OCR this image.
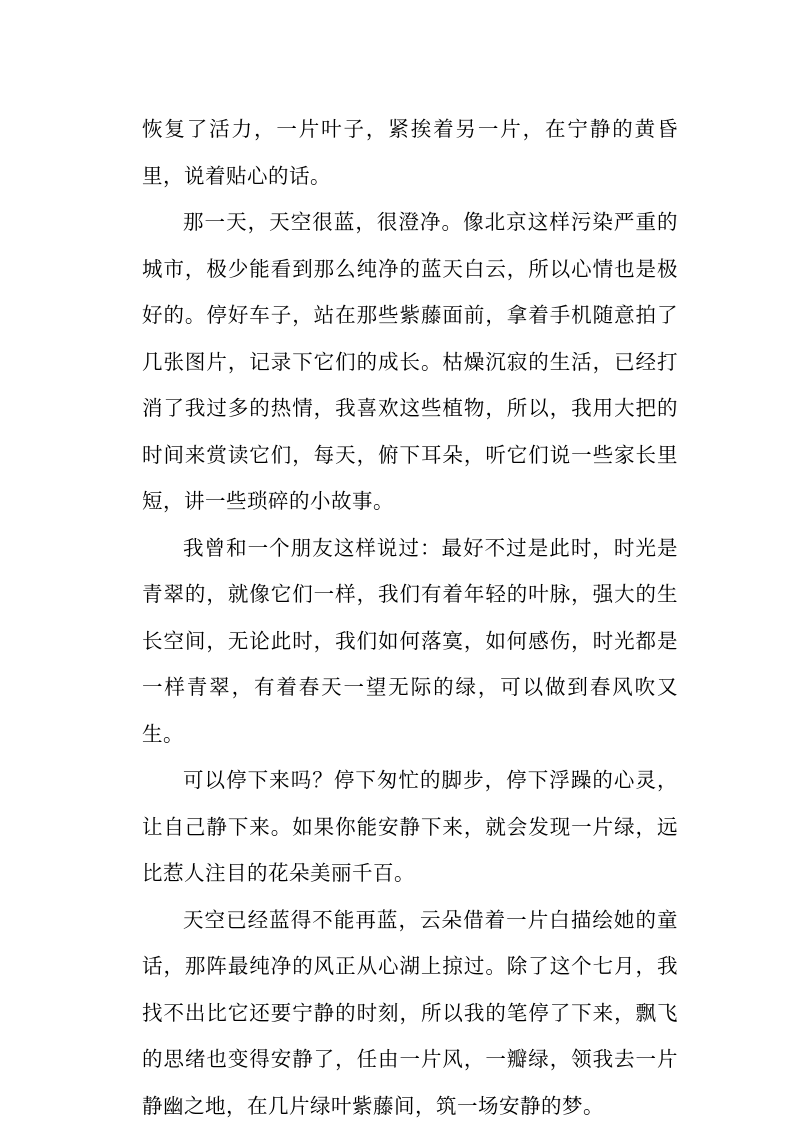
恢复了活力，一片叶子，紧挨着另一片，在宁静的黄昏里，说着贴心的话。

那一天，天空很蓝，很澄净。像北京这样污染严重的城市，极少能看到那么纯净的蓝天白云，所以心情也是极好的。停好车子，站在那些紫藤面前，拿着手机随意拍了几张图片，记录下它们的成长。枯燥沉寂的生活，已经打消了我过多的热情，我喜欢这些植物，所以，我用大把的时间来赏读它们，每天，俯下耳朵，听它们说一些家长里短，讲一些琐碎的小故事。

我曾和一个朋友这样说过：最好不过是此时，时光是青翠的，就像它们一样，我们有着年轻的叶脉，强大的生长空间，无论此时，我们如何落寞，如何感伤，时光都是一样青翠，有着春天一望无际的绿，可以做到春风吹又生。

可以停下来吗？停下匆忙的脚步，停下浮躁的心灵，让自己静下来。如果你能安静下来，就会发现一片绿，远比惹人注目的花朵美丽千百。

天空已经蓝得不能再蓝，云朵借着一片白描绘她的童话，那阵最纯净的风正从心湖上掠过。除了这个七月，我找不出比它还要宁静的时刻，所以我的笔停了下来，飘飞的思绪也变得安静了，任由一片风，一瓣绿，领我去一片静幽之地，在几片绿叶紫藤间，筑一场安静的梦。
